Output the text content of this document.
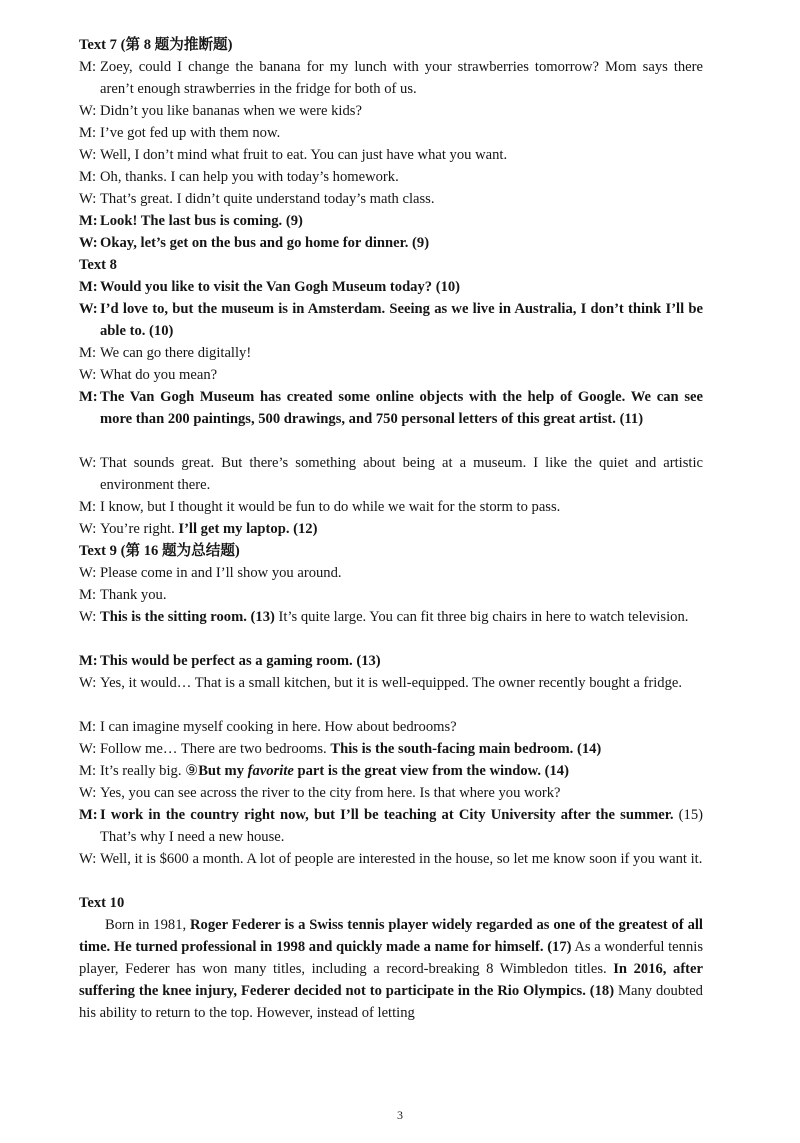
Text 7 (第 8 题为推断题)
M: Zoey, could I change the banana for my lunch with your strawberries tomorrow? Mom says there aren’t enough strawberries in the fridge for both of us.
W: Didn’t you like bananas when we were kids?
M: I’ve got fed up with them now.
W: Well, I don’t mind what fruit to eat. You can just have what you want.
M: Oh, thanks. I can help you with today’s homework.
W: That’s great. I didn’t quite understand today’s math class.
M: Look! The last bus is coming. (9)
W: Okay, let’s get on the bus and go home for dinner. (9)
Text 8
M: Would you like to visit the Van Gogh Museum today? (10)
W: I’d love to, but the museum is in Amsterdam. Seeing as we live in Australia, I don’t think I’ll be able to. (10)
M: We can go there digitally!
W: What do you mean?
M: The Van Gogh Museum has created some online objects with the help of Google. We can see more than 200 paintings, 500 drawings, and 750 personal letters of this great artist. (11)
W: That sounds great. But there’s something about being at a museum. I like the quiet and artistic environment there.
M: I know, but I thought it would be fun to do while we wait for the storm to pass.
W: You’re right. I’ll get my laptop. (12)
Text 9 (第 16 题为总结题)
W: Please come in and I’ll show you around.
M: Thank you.
W: This is the sitting room. (13) It’s quite large. You can fit three big chairs in here to watch television.
M: This would be perfect as a gaming room. (13)
W: Yes, it would… That is a small kitchen, but it is well-equipped. The owner recently bought a fridge.
M: I can imagine myself cooking in here. How about bedrooms?
W: Follow me… There are two bedrooms. This is the south-facing main bedroom. (14)
M: It’s really big. ⑨But my favorite part is the great view from the window. (14)
W: Yes, you can see across the river to the city from here. Is that where you work?
M: I work in the country right now, but I’ll be teaching at City University after the summer. (15) That’s why I need a new house.
W: Well, it is $600 a month. A lot of people are interested in the house, so let me know soon if you want it.
Text 10
Born in 1981, Roger Federer is a Swiss tennis player widely regarded as one of the greatest of all time. He turned professional in 1998 and quickly made a name for himself. (17) As a wonderful tennis player, Federer has won many titles, including a record-breaking 8 Wimbledon titles. In 2016, after suffering the knee injury, Federer decided not to participate in the Rio Olympics. (18) Many doubted his ability to return to the top. However, instead of letting
3
